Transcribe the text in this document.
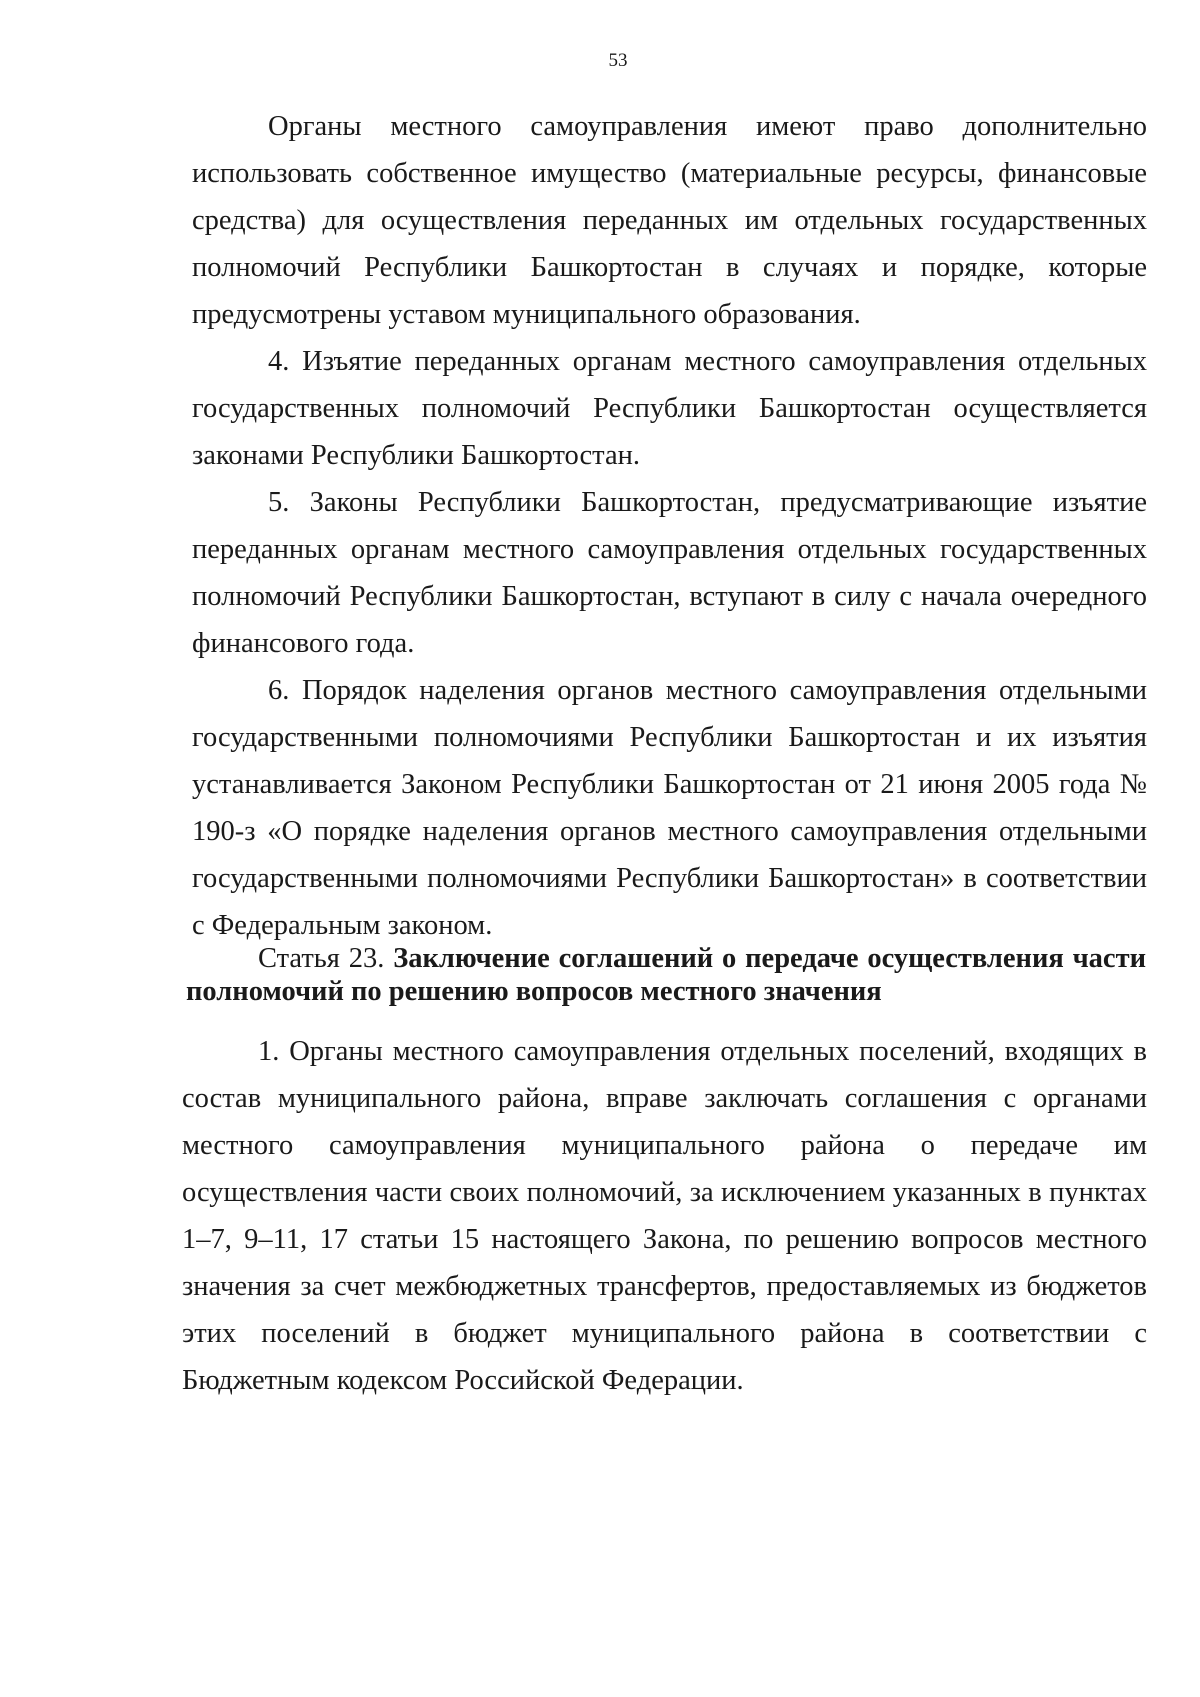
53

Органы местного самоуправления имеют право дополнительно использовать собственное имущество (материальные ресурсы, финансовые средства) для осуществления переданных им отдельных государственных полномочий Республики Башкортостан в случаях и порядке, которые предусмотрены уставом муниципального образования.

4. Изъятие переданных органам местного самоуправления отдельных государственных полномочий Республики Башкортостан осуществляется законами Республики Башкортостан.

5. Законы Республики Башкортостан, предусматривающие изъятие переданных органам местного самоуправления отдельных государственных полномочий Республики Башкортостан, вступают в силу с начала очередного финансового года.

6. Порядок наделения органов местного самоуправления отдельными государственными полномочиями Республики Башкортостан и их изъятия устанавливается Законом Республики Башкортостан от 21 июня 2005 года № 190-з «О порядке наделения органов местного самоуправления отдельными государственными полномочиями Республики Башкортостан» в соответствии с Федеральным законом.

Статья 23. Заключение соглашений о передаче осуществления части полномочий по решению вопросов местного значения

1. Органы местного самоуправления отдельных поселений, входящих в состав муниципального района, вправе заключать соглашения с органами местного самоуправления муниципального района о передаче им осуществления части своих полномочий, за исключением указанных в пунктах 1–7, 9–11, 17 статьи 15 настоящего Закона, по решению вопросов местного значения за счет межбюджетных трансфертов, предоставляемых из бюджетов этих поселений в бюджет муниципального района в соответствии с Бюджетным кодексом Российской Федерации.
